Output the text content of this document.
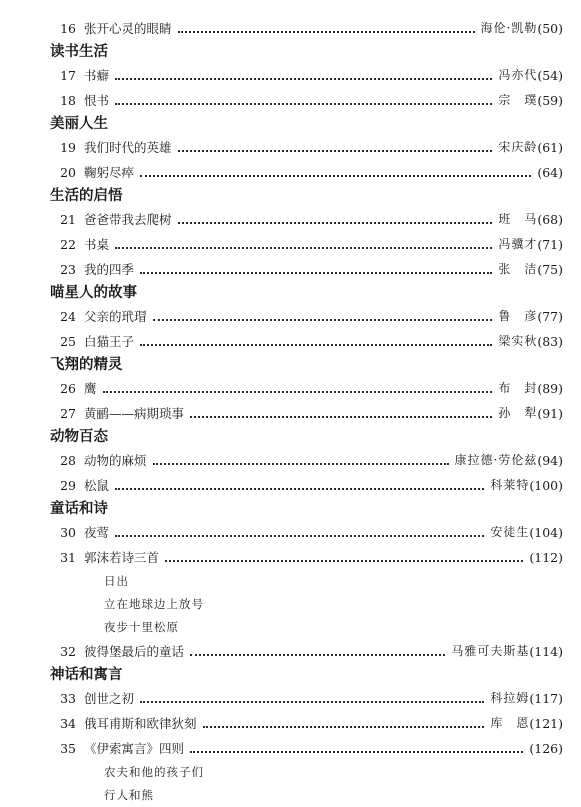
16 张开心灵的眼睛	海伦·凯勒 (50)
读书生活
17 书癖	冯亦代 (54)
18 恨书	宗　璞 (59)
美丽人生
19 我们时代的英雄	宋庆龄 (61)
20 鞠躬尽瘁	(64)
生活的启悟
21 爸爸带我去爬树	班　马 (68)
22 书桌	冯骥才 (71)
23 我的四季	张　洁 (75)
喵星人的故事
24 父亲的玳瑁	鲁　彦 (77)
25 白猫王子	梁实秋 (83)
飞翔的精灵
26 鹰	布　封 (89)
27 黄鹂——病期琐事	孙　犁 (91)
动物百态
28 动物的麻烦	康拉德·劳伦兹 (94)
29 松鼠	科莱特 (100)
童话和诗
30 夜莺	安徒生 (104)
31 郭沫若诗三首	(112)
日出
立在地球边上放号
夜步十里松原
32 彼得堡最后的童话	马雅可夫斯基 (114)
神话和寓言
33 创世之初	科拉姆 (117)
34 俄耳甫斯和欧律狄刻	库　恩 (121)
35 《伊索寓言》四则	(126)
农夫和他的孩子们
行人和熊
